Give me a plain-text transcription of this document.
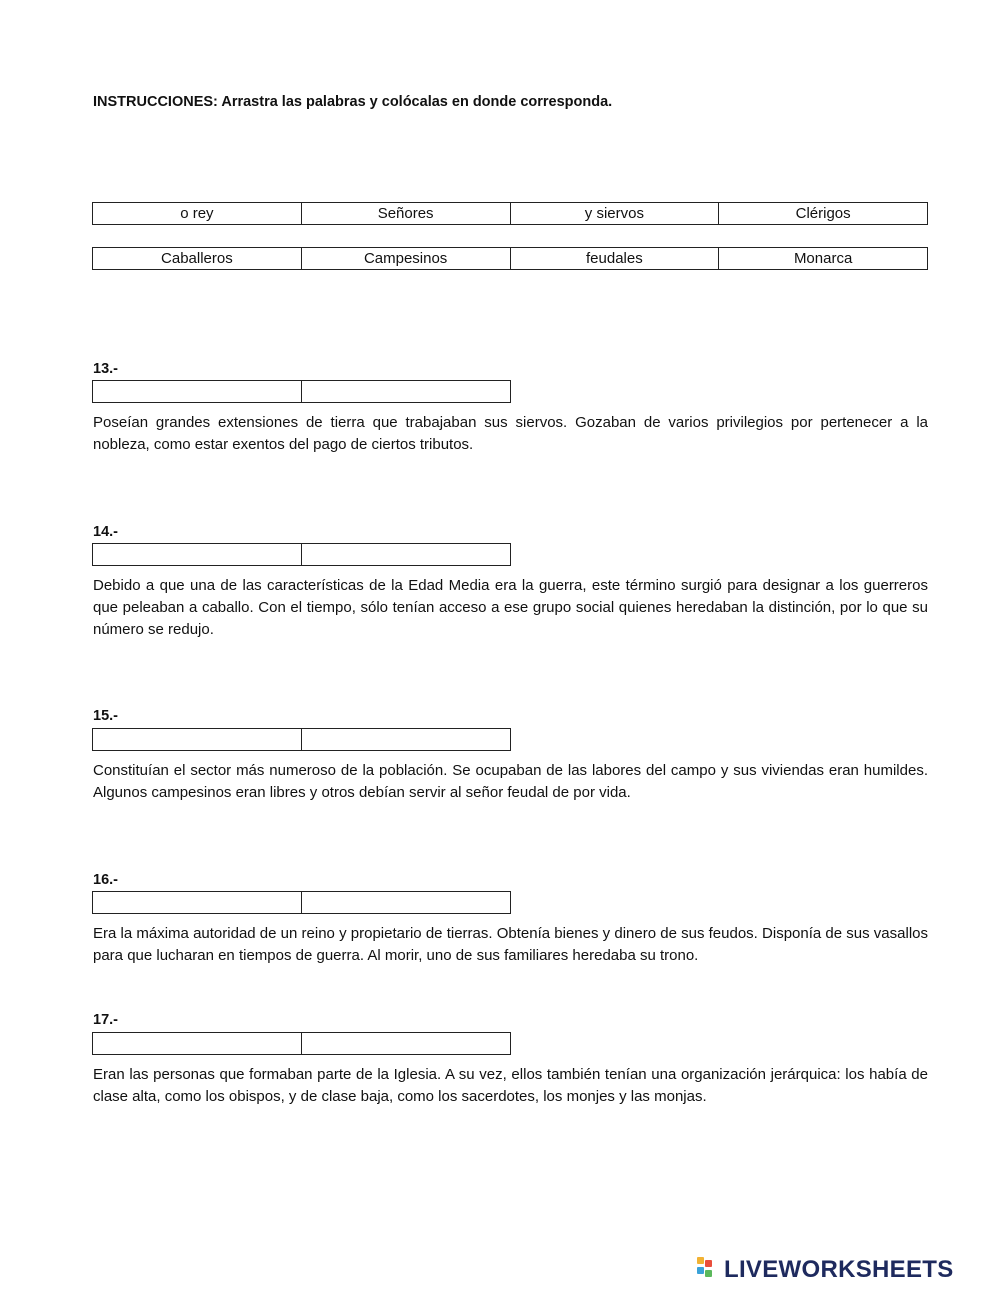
INSTRUCCIONES: Arrastra las palabras y colócalas en donde corresponda.
o rey	Señores	y siervos	Clérigos
Caballeros	Campesinos	feudales	Monarca
13.-
Poseían grandes extensiones de tierra que trabajaban sus siervos. Gozaban de varios privilegios por pertenecer a la nobleza, como estar exentos del pago de ciertos tributos.
14.-
Debido a que una de las características de la Edad Media era la guerra, este término surgió para designar a los guerreros que peleaban a caballo. Con el tiempo, sólo tenían acceso a ese grupo social quienes heredaban la distinción, por lo que su número se redujo.
15.-
Constituían el sector más numeroso de la población. Se ocupaban de las labores del campo y sus viviendas eran humildes. Algunos campesinos eran libres y otros debían servir al señor feudal de por vida.
16.-
Era la máxima autoridad de un reino y propietario de tierras. Obtenía bienes y dinero de sus feudos. Disponía de sus vasallos para que lucharan en tiempos de guerra. Al morir, uno de sus familiares heredaba su trono.
17.-
Eran las personas que formaban parte de la Iglesia. A su vez, ellos también tenían una organización jerárquica: los había de clase alta, como los obispos, y de clase baja, como los sacerdotes, los monjes y las monjas.
LIVEWORKSHEETS
